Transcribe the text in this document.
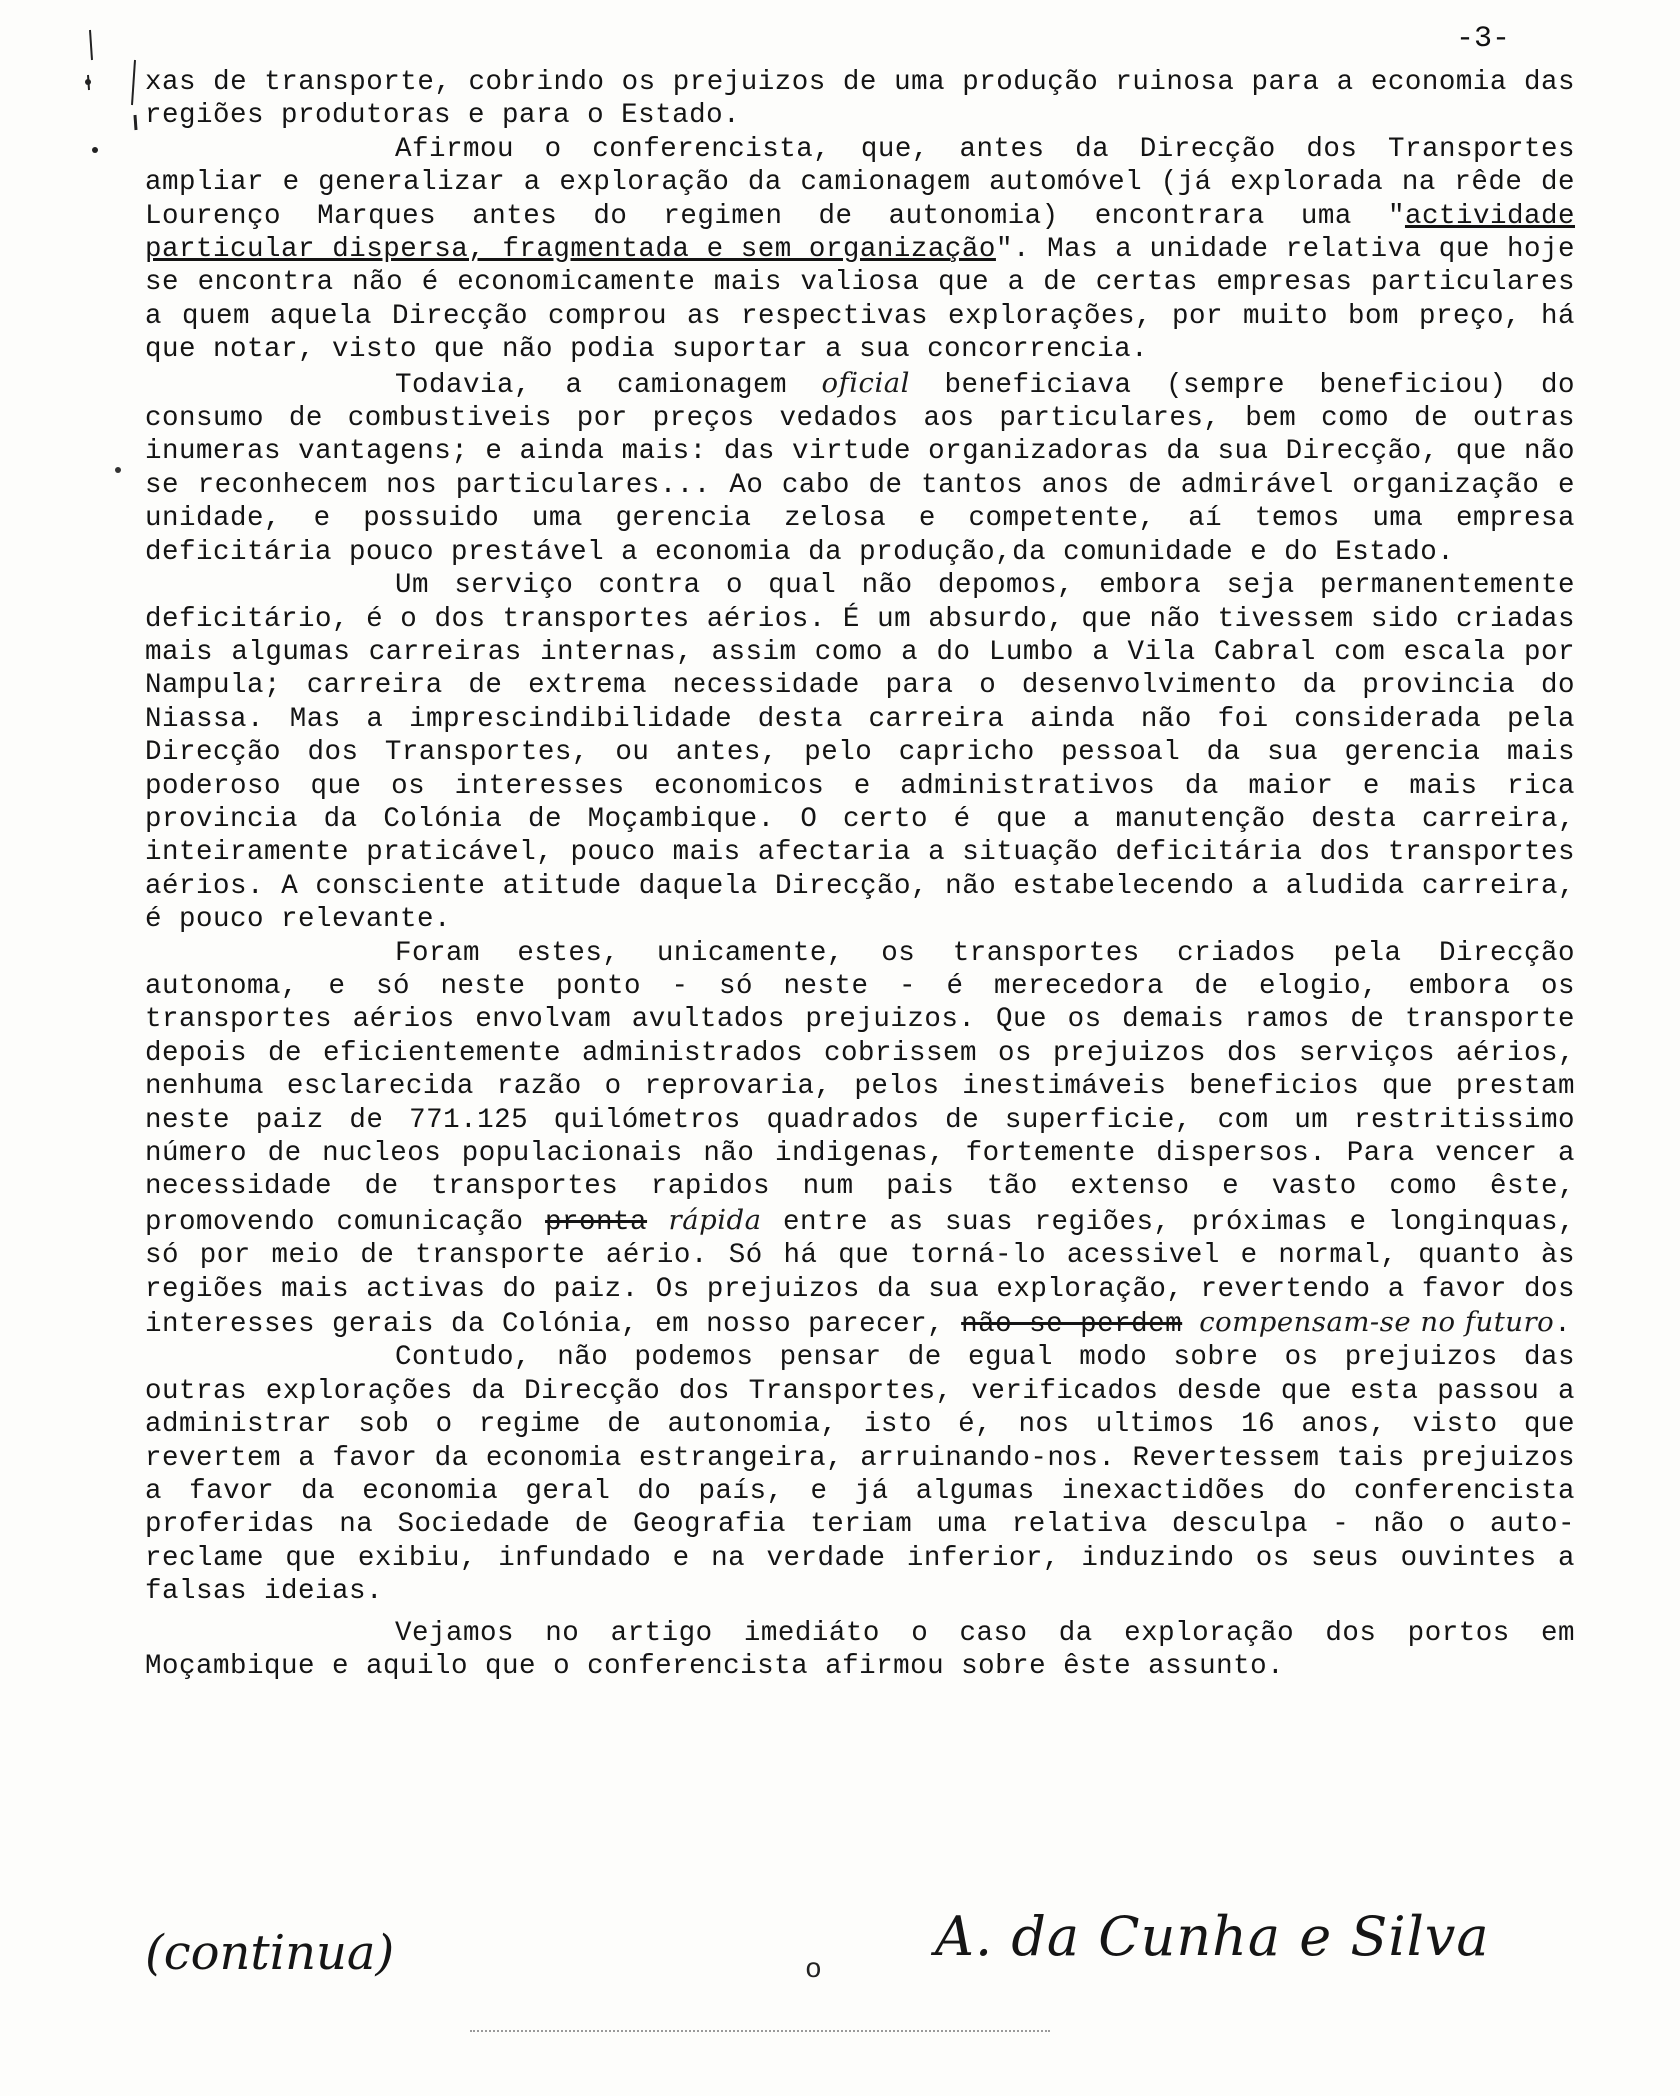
-3-

xas de transporte, cobrindo os prejuizos de uma produção ruinosa para a economia das regiões produtoras e para o Estado.

Afirmou o conferencista, que, antes da Direcção dos Transportes ampliar e generalizar a exploração da camionagem automóvel (já explorada na rêde de Lourenço Marques antes do regimen de autonomia) encontrara uma "actividade particular dispersa, fragmentada e sem organização". Mas a unidade relativa que hoje se encontra não é economicamente mais valiosa que a de certas empresas particulares a quem aquela Direcção comprou as respectivas explorações, por muito bom preço, há que notar, visto que não podia suportar a sua concorrencia.

Todavia, a camionagem oficial beneficiava (sempre beneficiou) do consumo de combustiveis por preços vedados aos particulares, bem como de outras inumeras vantagens; e ainda mais: das virtude organizadoras da sua Direcção, que não se reconhecem nos particulares... Ao cabo de tantos anos de admirável organização e unidade, e possuido uma gerencia zelosa e competente, aí temos uma empresa deficitária pouco prestável a economia da produção,da comunidade e do Estado.

Um serviço contra o qual não depomos, embora seja permanentemente deficitário, é o dos transportes aérios. É um absurdo, que não tivessem sido criadas mais algumas carreiras internas, assim como a do Lumbo a Vila Cabral com escala por Nampula; carreira de extrema necessidade para o desenvolvimento da provincia do Niassa. Mas a imprescindibilidade desta carreira ainda não foi considerada pela Direcção dos Transportes, ou antes, pelo capricho pessoal da sua gerencia mais poderoso que os interesses economicos e administrativos da maior e mais rica provincia da Colónia de Moçambique. O certo é que a manutenção desta carreira, inteiramente praticável, pouco mais afectaria a situação deficitária dos transportes aérios. A consciente atitude daquela Direcção, não estabelecendo a aludida carreira, é pouco relevante.

Foram estes, unicamente, os transportes criados pela Direcção autonoma, e só neste ponto - só neste - é merecedora de elogio, embora os transportes aérios envolvam avultados prejuizos. Que os demais ramos de transporte depois de eficientemente administrados cobrissem os prejuizos dos serviços aérios, nenhuma esclarecida razão o reprovaria, pelos inestimáveis beneficios que prestam neste paiz de 771.125 quilómetros quadrados de superficie, com um restritissimo número de nucleos populacionais não indigenas, fortemente dispersos. Para vencer a necessidade de transportes rapidos num pais tão extenso e vasto como êste, promovendo comunicação pronta rápida entre as suas regiões, próximas e longinquas, só por meio de transporte aério. Só há que torná-lo acessivel e normal, quanto às regiões mais activas do paiz. Os prejuizos da sua exploração, revertendo a favor dos interesses gerais da Colónia, em nosso parecer, não se perdem compensam-se no futuro.

Contudo, não podemos pensar de egual modo sobre os prejuizos das outras explorações da Direcção dos Transportes, verificados desde que esta passou a administrar sob o regime de autonomia, isto é, nos ultimos 16 anos, visto que revertem a favor da economia estrangeira, arruinando-nos. Revertessem tais prejuizos a favor da economia geral do país, e já algumas inexactidões do conferencista proferidas na Sociedade de Geografia teriam uma relativa desculpa - não o auto-reclame que exibiu, infundado e na verdade inferior, induzindo os seus ouvintes a falsas ideias.

Vejamos no artigo imediáto o caso da exploração dos portos em Moçambique e aquilo que o conferencista afirmou sobre êste assunto.

(continua)	o
A. da Cunha e Silva
